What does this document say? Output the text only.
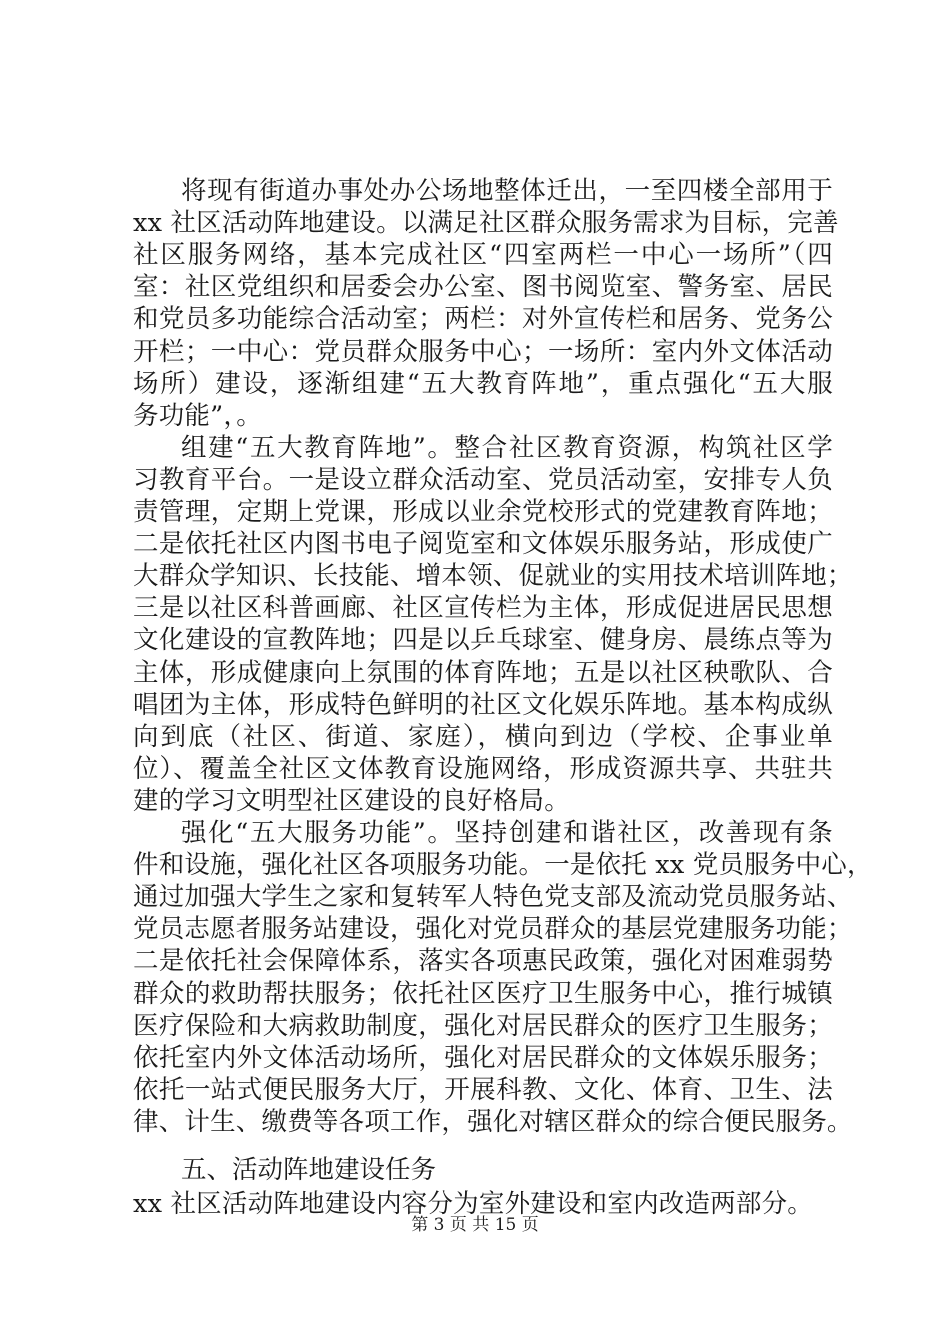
将现有街道办事处办公场地整体迁出，一至四楼全部用于
xx 社区活动阵地建设。以满足社区群众服务需求为目标，完善
社区服务网络，基本完成社区“四室两栏一中心一场所”（四
室：社区党组织和居委会办公室、图书阅览室、警务室、居民
和党员多功能综合活动室；两栏：对外宣传栏和居务、党务公
开栏；一中心：党员群众服务中心；一场所：室内外文体活动
场所）建设，逐渐组建“五大教育阵地”，重点强化“五大服
务功能”，。
组建“五大教育阵地”。整合社区教育资源，构筑社区学
习教育平台。一是设立群众活动室、党员活动室，安排专人负
责管理，定期上党课，形成以业余党校形式的党建教育阵地；
二是依托社区内图书电子阅览室和文体娱乐服务站，形成使广
大群众学知识、长技能、增本领、促就业的实用技术培训阵地；
三是以社区科普画廊、社区宣传栏为主体，形成促进居民思想
文化建设的宣教阵地；四是以乒乓球室、健身房、晨练点等为
主体，形成健康向上氛围的体育阵地；五是以社区秧歌队、合
唱团为主体，形成特色鲜明的社区文化娱乐阵地。基本构成纵
向到底（社区、街道、家庭），横向到边（学校、企事业单
位）、覆盖全社区文体教育设施网络，形成资源共享、共驻共
建的学习文明型社区建设的良好格局。
强化“五大服务功能”。坚持创建和谐社区，改善现有条
件和设施，强化社区各项服务功能。一是依托 xx 党员服务中心，
通过加强大学生之家和复转军人特色党支部及流动党员服务站、
党员志愿者服务站建设，强化对党员群众的基层党建服务功能；
二是依托社会保障体系，落实各项惠民政策，强化对困难弱势
群众的救助帮扶服务；依托社区医疗卫生服务中心，推行城镇
医疗保险和大病救助制度，强化对居民群众的医疗卫生服务；
依托室内外文体活动场所，强化对居民群众的文体娱乐服务；
依托一站式便民服务大厅，开展科教、文化、体育、卫生、法
律、计生、缴费等各项工作，强化对辖区群众的综合便民服务。
五、活动阵地建设任务
xx 社区活动阵地建设内容分为室外建设和室内改造两部分。
第 3 页 共 15 页
